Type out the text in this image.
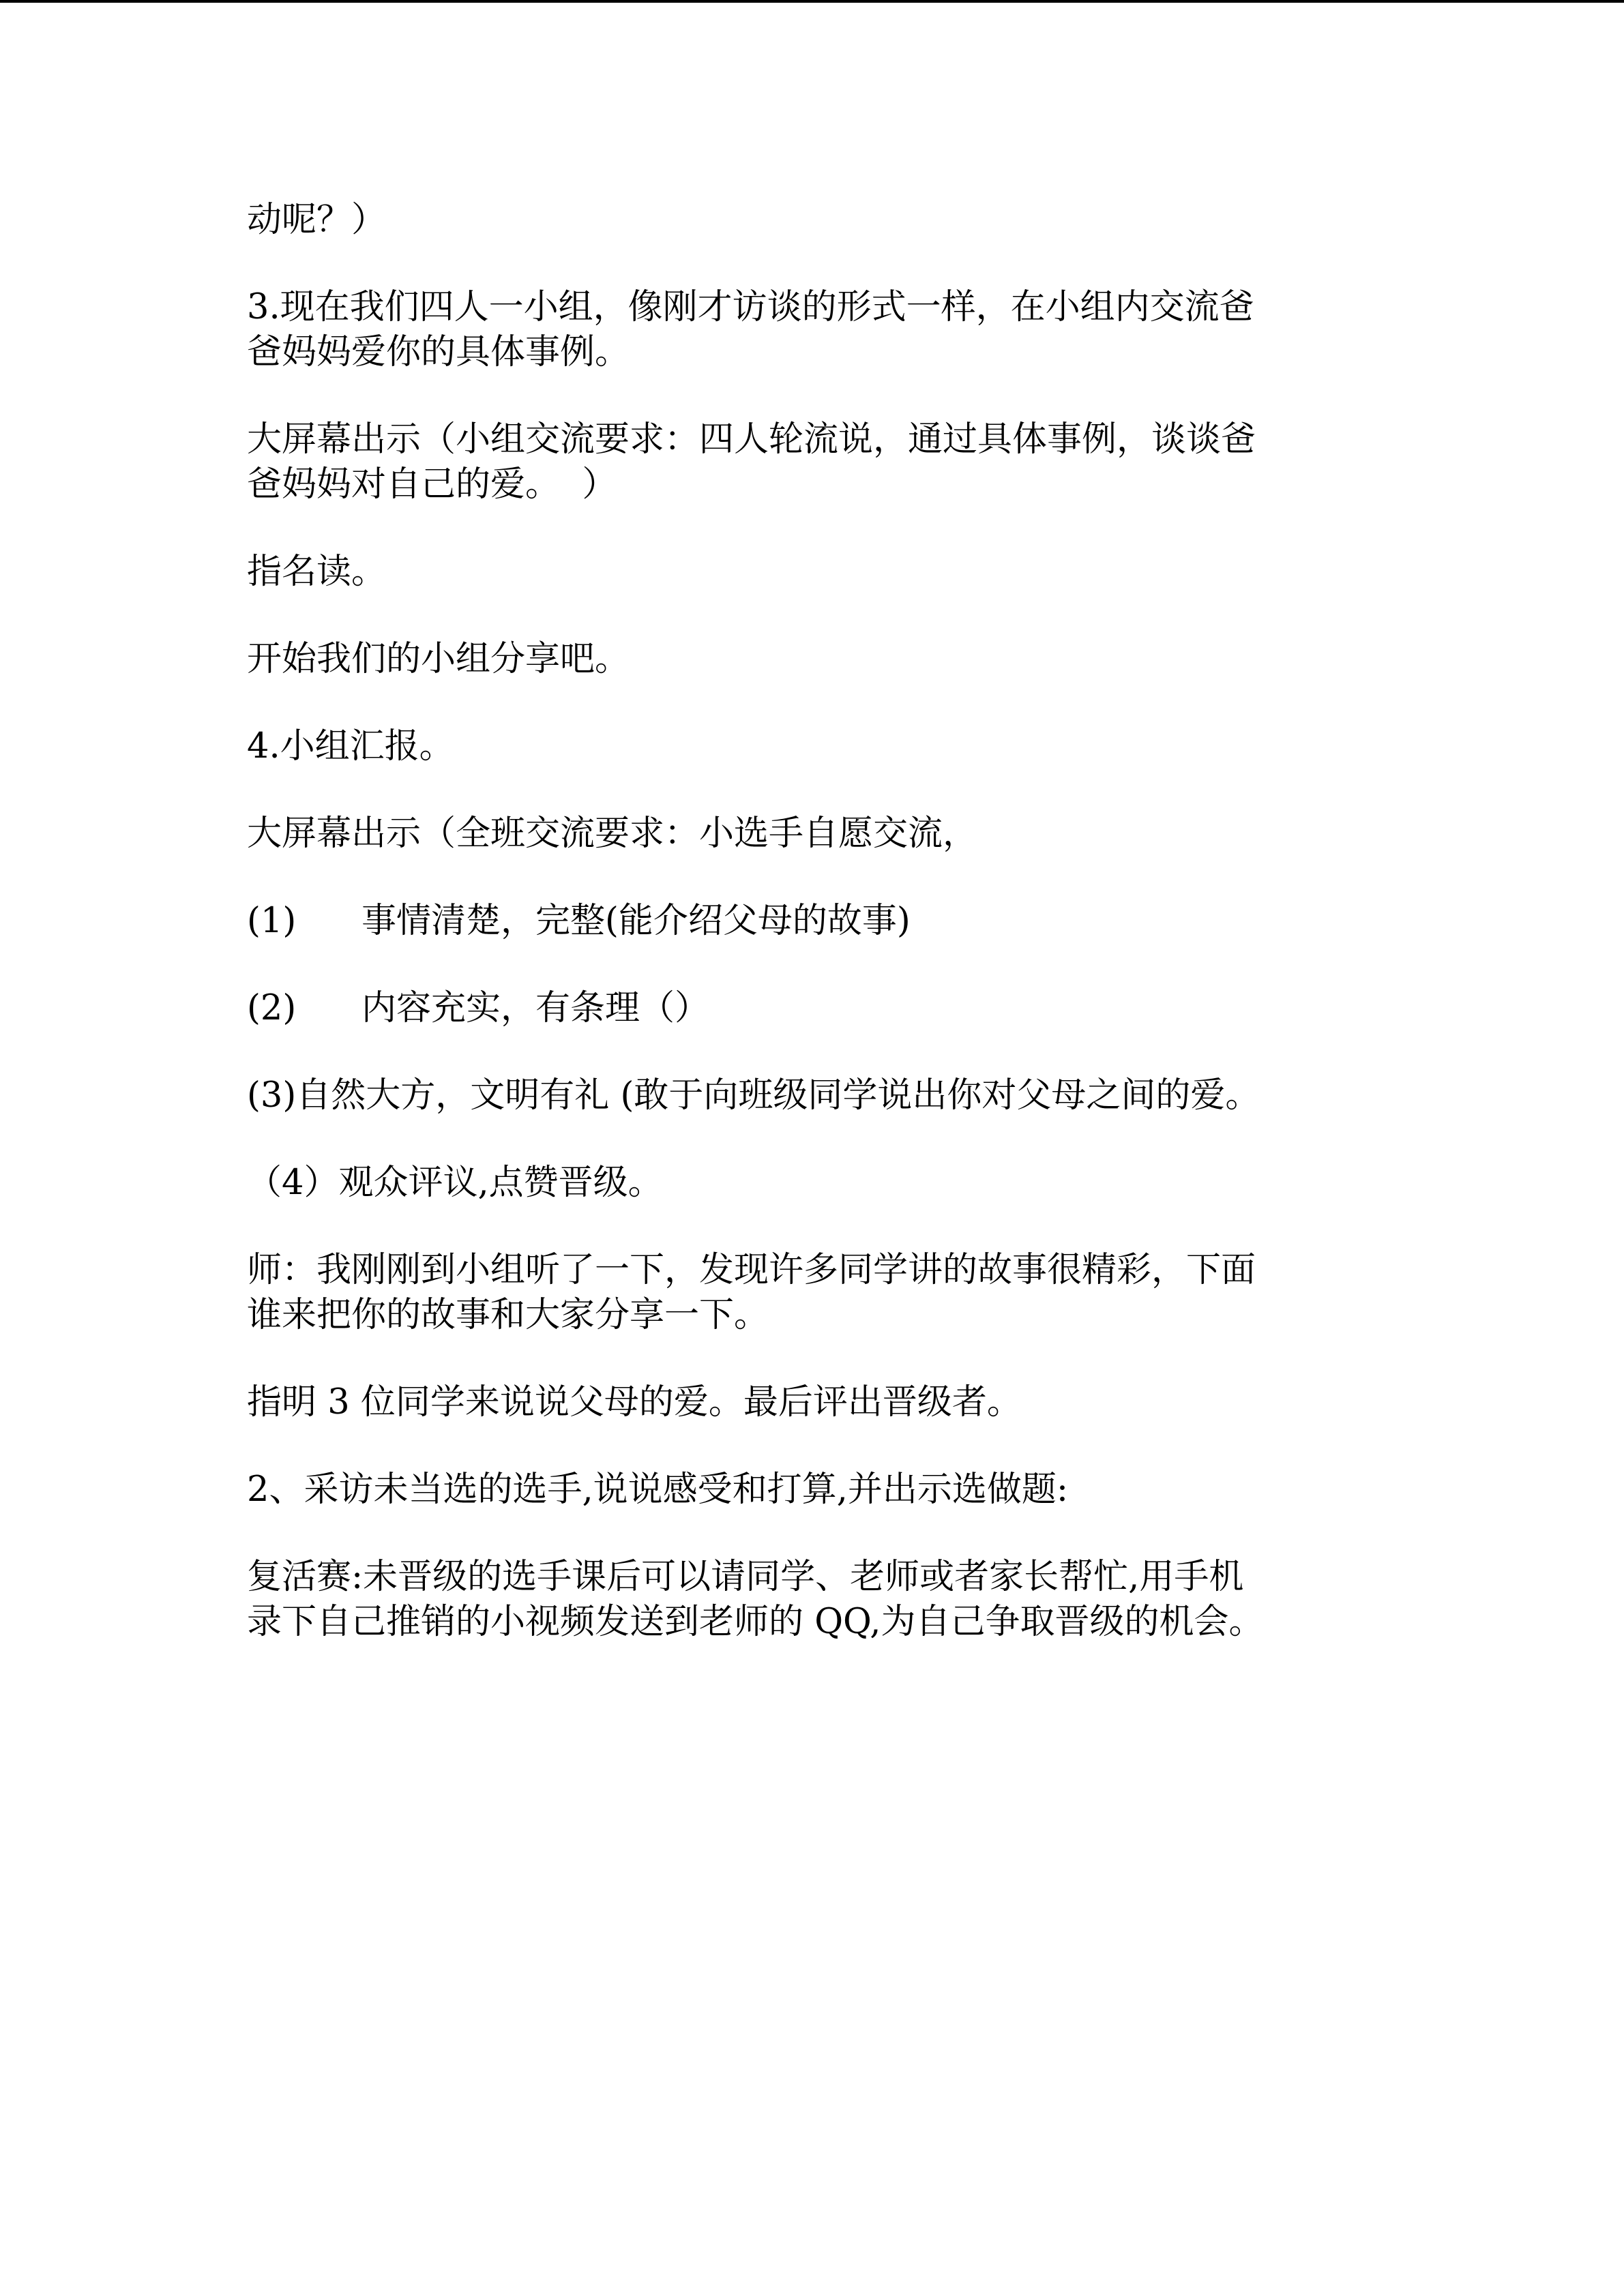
动呢？）

3.现在我们四人一小组，像刚才访谈的形式一样，在小组内交流爸
爸妈妈爱你的具体事例。

大屏幕出示（小组交流要求：四人轮流说，通过具体事例，谈谈爸
爸妈妈对自己的爱。  ）

指名读。

开始我们的小组分享吧。

4.小组汇报。

大屏幕出示（全班交流要求：小选手自愿交流，

(1) 事情清楚，完整(能介绍父母的故事)
(2) 内容充实，有条理（）

(3)自然大方，文明有礼 (敢于向班级同学说出你对父母之间的爱。

（4）观众评议,点赞晋级。

师：我刚刚到小组听了一下，发现许多同学讲的故事很精彩，下面
谁来把你的故事和大家分享一下。

指明 3 位同学来说说父母的爱。最后评出晋级者。

2、采访未当选的选手,说说感受和打算,并出示选做题:

复活赛:未晋级的选手课后可以请同学、老师或者家长帮忙,用手机
录下自己推销的小视频发送到老师的 QQ,为自己争取晋级的机会。
